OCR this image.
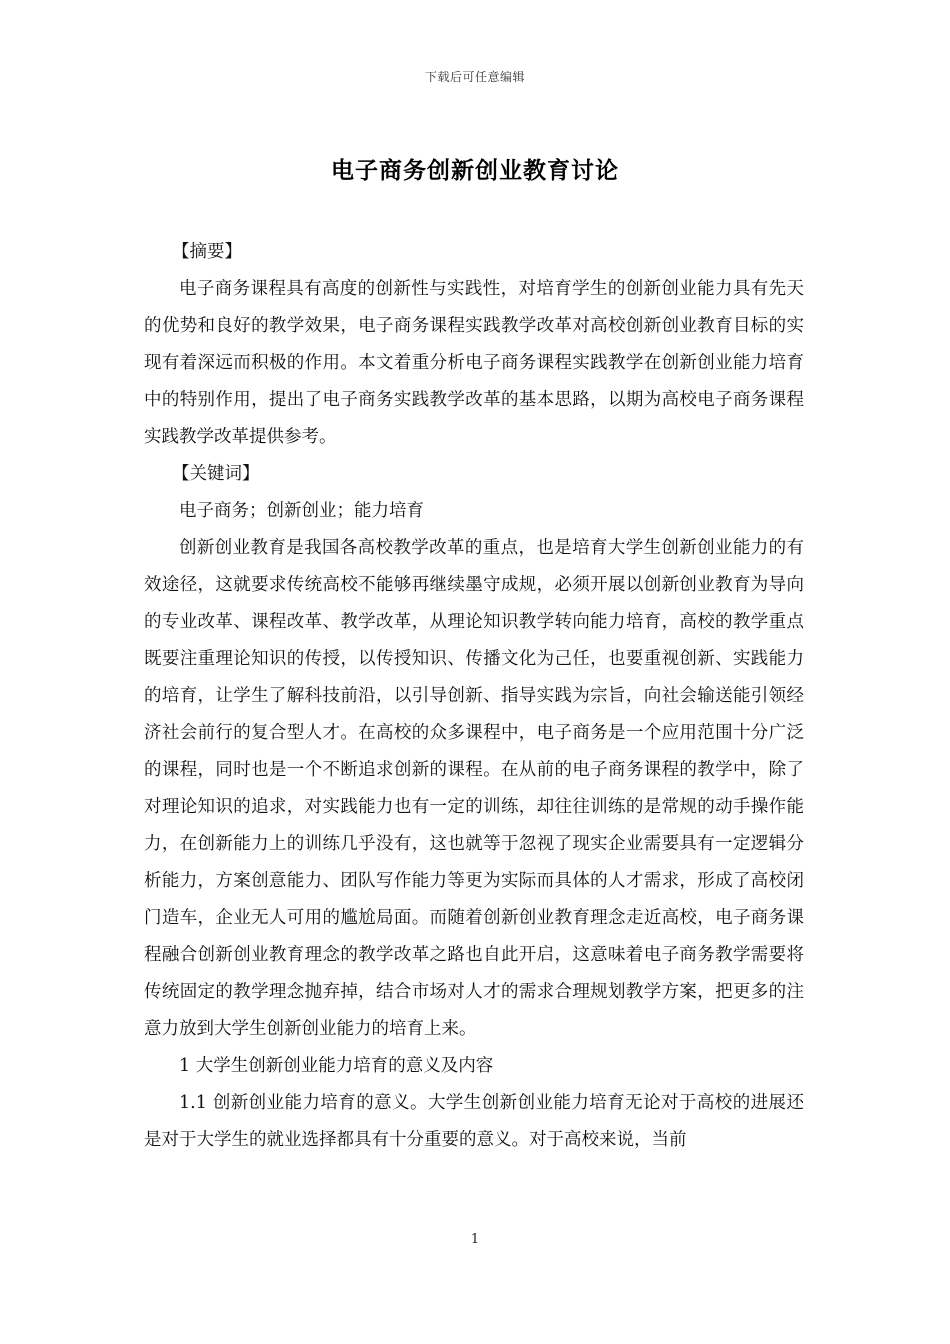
下载后可任意编辑
电子商务创新创业教育讨论

【摘要】

电子商务课程具有高度的创新性与实践性，对培育学生的创新创业能力具有先天的优势和良好的教学效果，电子商务课程实践教学改革对高校创新创业教育目标的实现有着深远而积极的作用。本文着重分析电子商务课程实践教学在创新创业能力培育中的特别作用，提出了电子商务实践教学改革的基本思路，以期为高校电子商务课程实践教学改革提供参考。

【关键词】

电子商务；创新创业；能力培育

创新创业教育是我国各高校教学改革的重点，也是培育大学生创新创业能力的有效途径，这就要求传统高校不能够再继续墨守成规，必须开展以创新创业教育为导向的专业改革、课程改革、教学改革，从理论知识教学转向能力培育，高校的教学重点既要注重理论知识的传授，以传授知识、传播文化为己任，也要重视创新、实践能力的培育，让学生了解科技前沿，以引导创新、指导实践为宗旨，向社会输送能引领经济社会前行的复合型人才。在高校的众多课程中，电子商务是一个应用范围十分广泛的课程，同时也是一个不断追求创新的课程。在从前的电子商务课程的教学中，除了对理论知识的追求，对实践能力也有一定的训练，却往往训练的是常规的动手操作能力，在创新能力上的训练几乎没有，这也就等于忽视了现实企业需要具有一定逻辑分析能力，方案创意能力、团队写作能力等更为实际而具体的人才需求，形成了高校闭门造车，企业无人可用的尴尬局面。而随着创新创业教育理念走近高校，电子商务课程融合创新创业教育理念的教学改革之路也自此开启，这意味着电子商务教学需要将传统固定的教学理念抛弃掉，结合市场对人才的需求合理规划教学方案，把更多的注意力放到大学生创新创业能力的培育上来。

1 大学生创新创业能力培育的意义及内容

1.1 创新创业能力培育的意义。大学生创新创业能力培育无论对于高校的进展还是对于大学生的就业选择都具有十分重要的意义。对于高校来说，当前

1
